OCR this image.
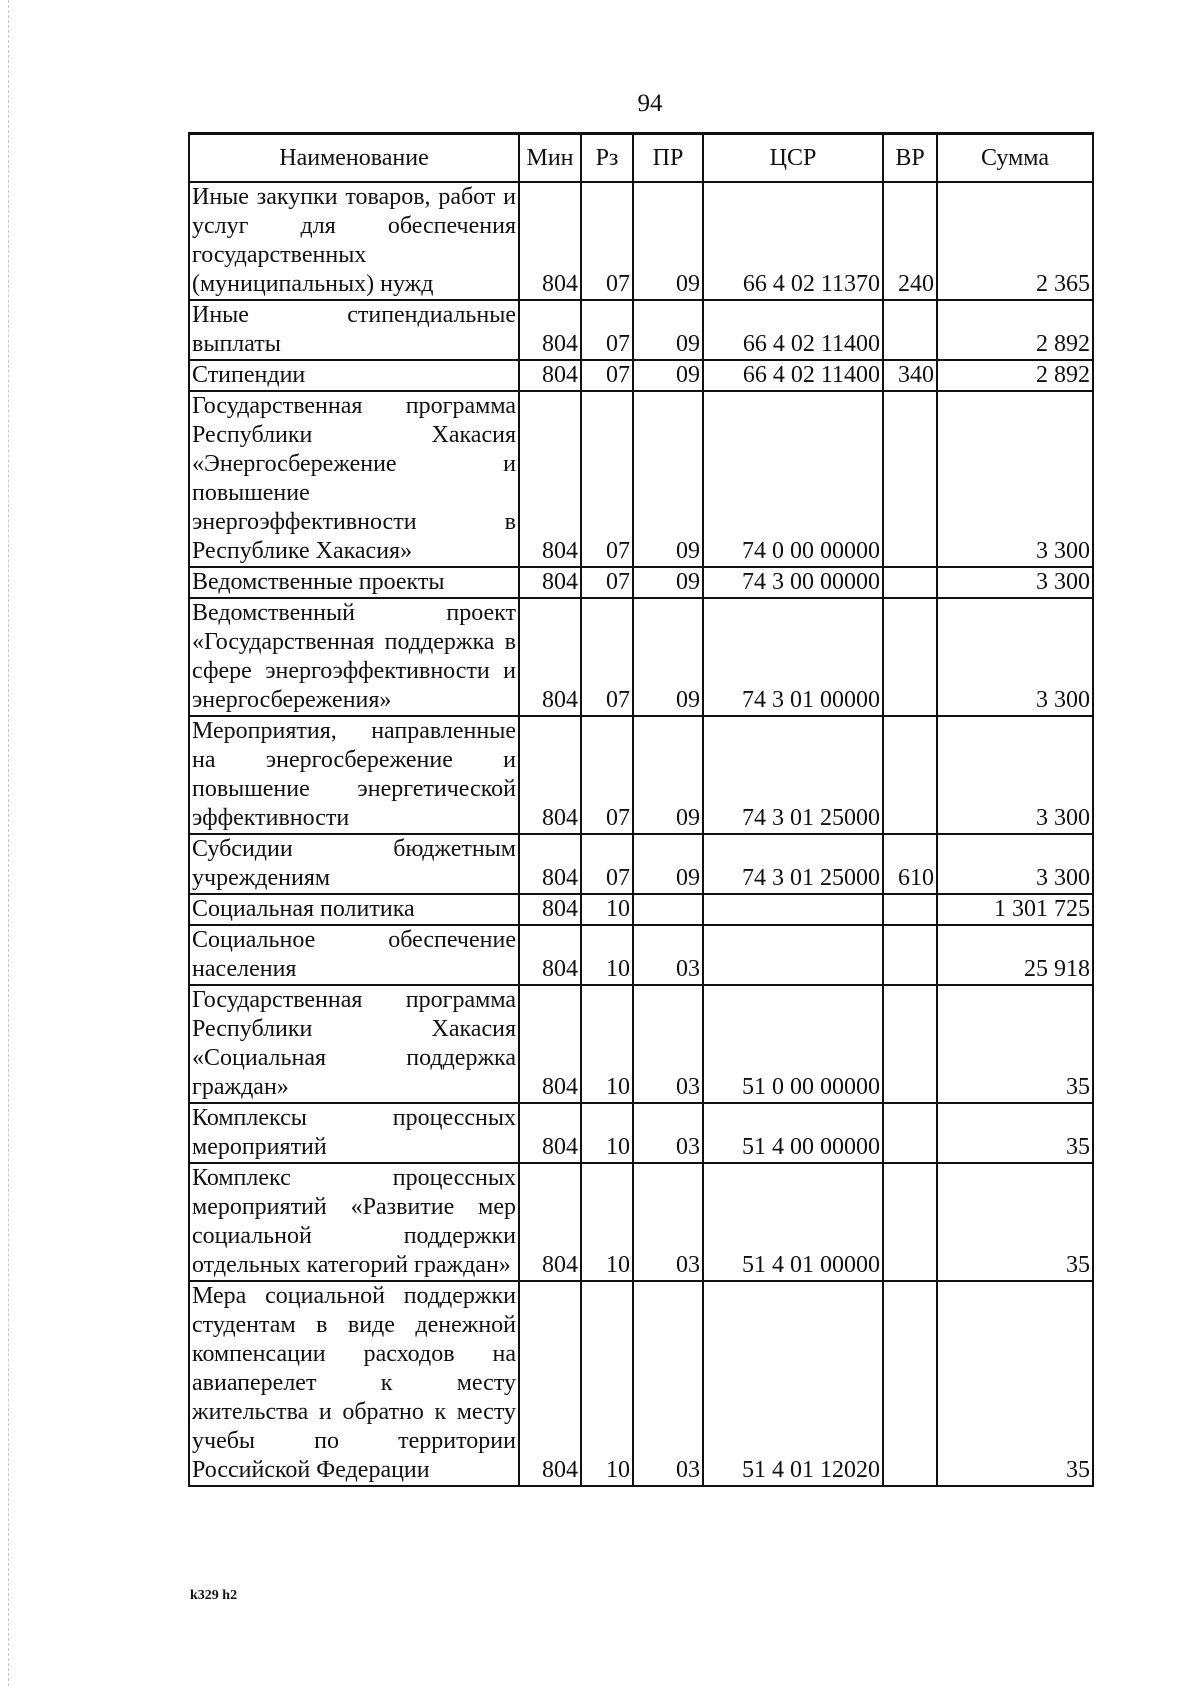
94
Наименование	Мин	Рз	ПР	ЦСР	ВР	Сумма
Иные закупки товаров, работ и услуг для обеспечения государственных (муниципальных) нужд	804	07	09	66 4 02 11370	240	2 365
Иные стипендиальные выплаты	804	07	09	66 4 02 11400		2 892
Стипендии	804	07	09	66 4 02 11400	340	2 892
Государственная программа Республики Хакасия «Энергосбережение и повышение энергоэффективности в Республике Хакасия»	804	07	09	74 0 00 00000		3 300
Ведомственные проекты	804	07	09	74 3 00 00000		3 300
Ведомственный проект «Государственная поддержка в сфере энергоэффективности и энергосбережения»	804	07	09	74 3 01 00000		3 300
Мероприятия, направленные на энергосбережение и повышение энергетической эффективности	804	07	09	74 3 01 25000		3 300
Субсидии бюджетным учреждениям	804	07	09	74 3 01 25000	610	3 300
Социальная политика	804	10				1 301 725
Социальное обеспечение населения	804	10	03			25 918
Государственная программа Республики Хакасия «Социальная поддержка граждан»	804	10	03	51 0 00 00000		35
Комплексы процессных мероприятий	804	10	03	51 4 00 00000		35
Комплекс процессных мероприятий «Развитие мер социальной поддержки отдельных категорий граждан»	804	10	03	51 4 01 00000		35
Мера социальной поддержки студентам в виде денежной компенсации расходов на авиаперелет к месту жительства и обратно к месту учебы по территории Российской Федерации	804	10	03	51 4 01 12020		35
k329 h2
